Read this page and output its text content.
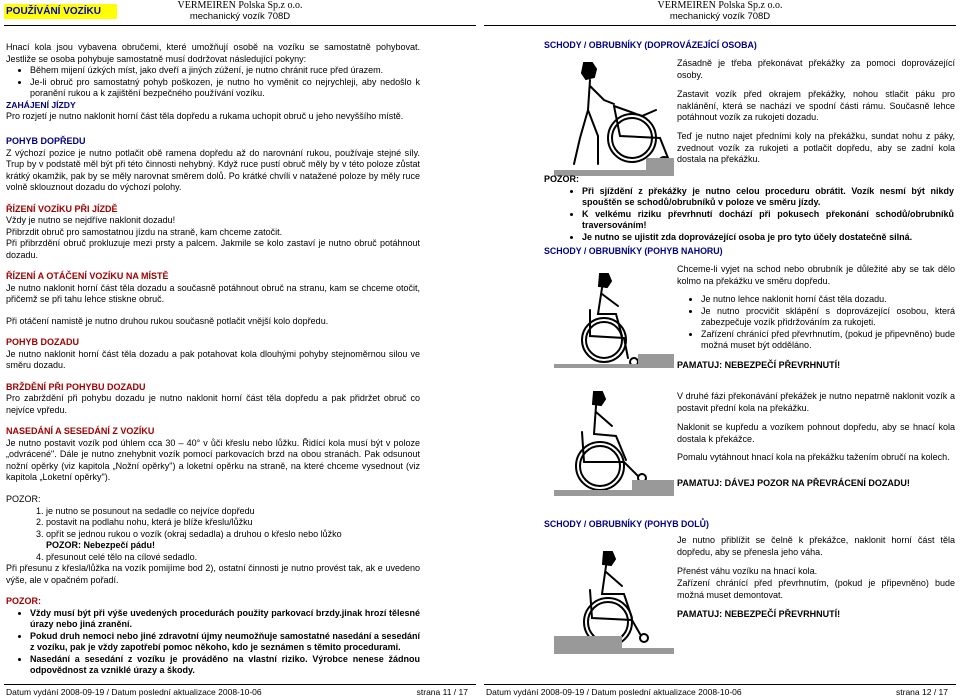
POUŽÍVÁNÍ VOZÍKU
VERMEIREN Polska Sp.z o.o.
mechanický vozík 708D

Hnací kola jsou vybavena obručemi, které umožňují osobě na vozíku se samostatně pohybovat. Jestliže se osoba pohybuje samostatně musí dodržovat následující pokyny:

• Během mijení úzkých míst, jako dveří a jiných zúžení, je nutno chránit ruce před úrazem.
• Je-li obruč pro samostatný pohyb poškozen, je nutno ho vyměnit co nejrychleji, aby nedošlo k poranění rukou a k zajištění bezpečného používání vozíku.

ZAHÁJENÍ JÍZDY

Pro rozjetí je nutno naklonit horní část těla dopředu a rukama uchopit obruč u jeho nevyššího místě.

POHYB DOPŘEDU

Z výchozí pozice je nutno potlačit obě ramena dopředu až do narovnání rukou, používaje stejné síly. Trup by v podstatě měl být při této činnosti nehybný. Když ruce pustí obruč měly by v této poloze zůstat krátký okamžik, pak by se měly narovnat směrem dolů. Po krátké chvíli v natažené poloze by měly ruce volně sklouznout dozadu do výchozí polohy.

ŘÍZENÍ VOZÍKU PŘI JÍZDĚ

Vždy je nutno se nejdříve naklonit dozadu!

Přibrzdit obruč pro samostatnou jízdu na straně, kam chceme zatočit.

Při přibrzdění obruč prokluzuje mezi prsty a palcem. Jakmile se kolo zastaví je nutno obruč potáhnout dozadu.

ŘÍZENÍ A OTÁČENÍ VOZÍKU NA MÍSTĚ

Je nutno naklonit horní část těla dozadu a současně potáhnout obruč na stranu, kam se chceme otočit, přičemž se při tahu lehce stiskne obruč.

Při otáčení namistě je nutno druhou rukou současně potlačit vnější kolo dopředu.

POHYB DOZADU

Je nutno naklonit horní část těla dozadu a pak potahovat kola dlouhými pohyby stejnoměrnou silou ve směru dozadu.

BRŽDĚNÍ PŘI POHYBU DOZADU

Pro zabrždění při pohybu dozadu je nutno naklonit horní část těla dopředu a pak přidržet obruč co nejvíce vpředu.

NASEDÁNÍ A SESEDÁNÍ Z VOZÍKU

Je nutno postavit vozík pod úhlem cca 30 – 40° v ůči křeslu nebo lůžku. Řidící kola musí být v poloze „odvrácené". Dále je nutno znehybnit vozík pomocí parkovacích brzd na obou stranách. Pak odsunout nožní opěrky (viz kapitola „Nožní opěrky") a loketní opěrku na straně, na které chceme vysednout (viz kapitola „Loketní opěrky").

POZOR:

1. je nutno se posunout na sedadle co nejvíce dopředu
2. postavit na podlahu nohu, která je blíže křeslu/lůžku
3. opřít se jednou rukou o vozík (okraj sedadla) a druhou o křeslo nebo lůžko
POZOR: Nebezpečí pádu!
4. přesunout celé tělo na cílové sedadlo.

Při přesunu z křesla/lůžka na vozík pomijíme bod 2), ostatní činnosti je nutno provést tak, ak e uvedeno výše, ale v opačném pořadí.

POZOR:

• Vždy musí být při výše uvedených procedurách použity parkovací brzdy.jinak hrozí tělesné úrazy nebo jiná zranění.
• Pokud druh nemoci nebo jiné zdravotní újmy neumožňuje samostatné nasedání a sesedání z vozíku, pak je vždy zapotřebí pomoc někoho, kdo je seznámen s těmito procedurami.
• Nasedání a sesedání z vozíku je prováděno na vlastní riziko. Výrobce nenese žádnou odpovědnost za vzniklé úrazy a škody.
Datum vydání 2008-09-19 / Datum poslední aktualizace 2008-10-06	strana 11 / 17
VERMEIREN Polska Sp.z o.o.
mechanický vozík 708D
SCHODY / OBRUBNÍKY (DOPROVÁZEJÍCÍ OSOBA)

Zásadně je třeba překonávat překážky za pomoci doprovázející osoby.

Zastavit vozík před okrajem překážky, nohou stlačit páku pro naklánění, která se nachází ve spodní části rámu. Současně lehce potáhnout vozík za rukojeti dozadu.

Teď je nutno najet předními koly na překážku, sundat nohu z páky, zvednout vozík za rukojeti a potlačit dopředu, aby se zadní kola dostala na překážku.

POZOR:

• Při sjíždění z překážky je nutno celou proceduru obrátit. Vozík nesmí být nikdy spouštěn se schodů/obrubníků v poloze ve směru jízdy.
• K velkému riziku převrhnutí dochází při pokusech překonání schodů/obrubníků traversováním!
• Je nutno se ujistit zda doprovázející osoba je pro tyto účely dostatečně silná.
SCHODY / OBRUBNÍKY (POHYB NAHORU)

Chceme-li vyjet na schod nebo obrubník je důležité aby se tak dělo kolmo na překážku ve směru dopředu.

• Je nutno lehce naklonit horní část těla dozadu.
• Je nutno procvičit sklápění s doprovázející osobou, která zabezpečuje vozík přidržováním za rukojeti.
• Zařízení chránící před převrhnutím, (pokud je připevněno) bude možná muset být odděláno.

PAMATUJ: NEBEZPEČÍ PŘEVRHNUTÍ!

V druhé fázi překonávání překážek je nutno nepatrně naklonit vozík a postavit přední kola na překážku.

Naklonit se kupředu a vozíkem pohnout dopředu, aby se hnací kola dostala k překážce.

Pomalu vytáhnout hnací kola na překážku tažením obručí na kolech.

PAMATUJ: DÁVEJ POZOR NA PŘEVRÁCENÍ DOZADU!

SCHODY / OBRUBNÍKY (POHYB DOLŮ)

Je nutno přiblížit se čelně k překážce, naklonit horní část těla dopředu, aby se přenesla jeho váha.

Přenést váhu vozíku na hnací kola.

Zařízení chránící před převrhnutím, (pokud je připevněno) bude možná muset demontovat.

PAMATUJ: NEBEZPEČÍ PŘEVRHNUTÍ!

Datum vydání 2008-09-19 / Datum poslední aktualizace 2008-10-06	strana 12 / 17
